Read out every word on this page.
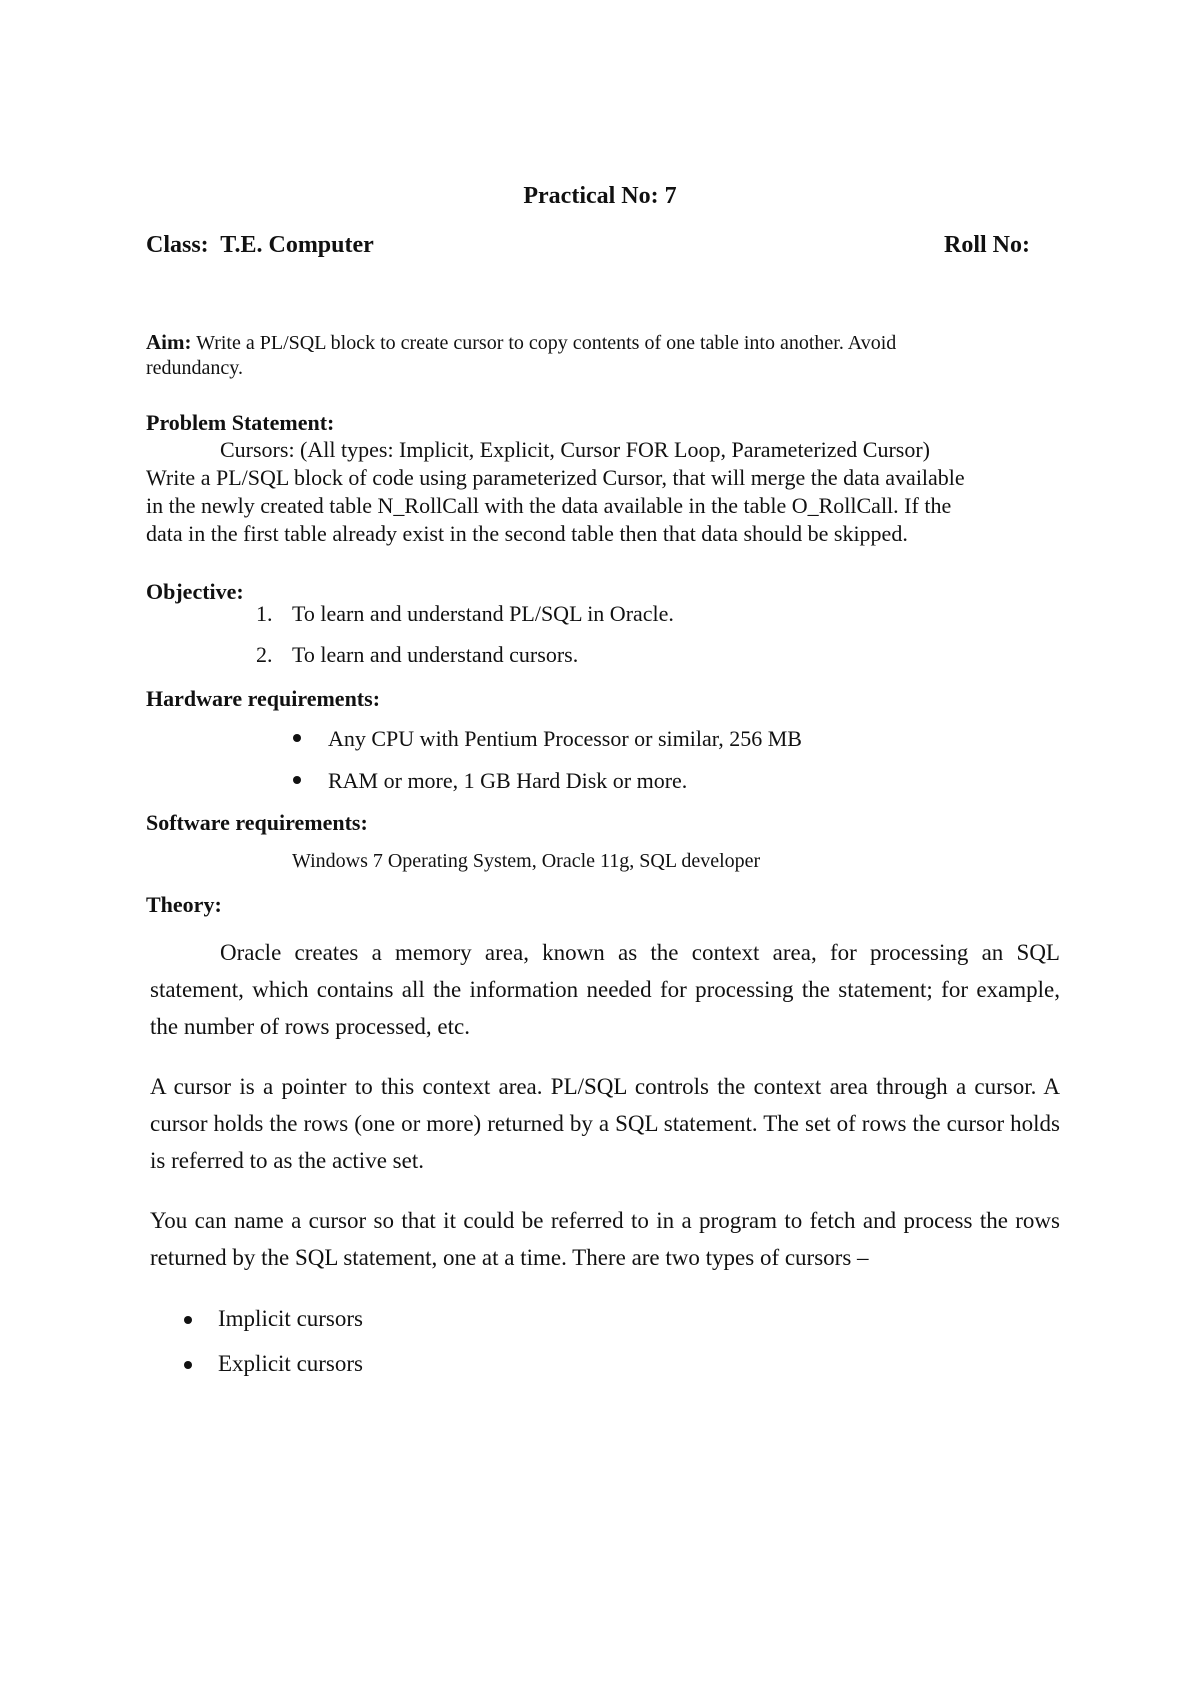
Practical No: 7
Class: T.E. Computer	Roll No:
Aim: Write a PL/SQL block to create cursor to copy contents of one table into another. Avoid
redundancy.
Problem Statement:
Cursors: (All types: Implicit, Explicit, Cursor FOR Loop, Parameterized Cursor)
Write a PL/SQL block of code using parameterized Cursor, that will merge the data available
in the newly created table N_RollCall with the data available in the table O_RollCall. If the
data in the first table already exist in the second table then that data should be skipped.
Objective:
1. To learn and understand PL/SQL in Oracle.
2. To learn and understand cursors.
Hardware requirements:
Any CPU with Pentium Processor or similar, 256 MB
RAM or more, 1 GB Hard Disk or more.
Software requirements:
Windows 7 Operating System, Oracle 11g, SQL developer
Theory:
Oracle creates a memory area, known as the context area, for processing an SQL statement, which contains all the information needed for processing the statement; for example, the number of rows processed, etc.
A cursor is a pointer to this context area. PL/SQL controls the context area through a cursor. A cursor holds the rows (one or more) returned by a SQL statement. The set of rows the cursor holds is referred to as the active set.
You can name a cursor so that it could be referred to in a program to fetch and process the rows returned by the SQL statement, one at a time. There are two types of cursors –
Implicit cursors
Explicit cursors
